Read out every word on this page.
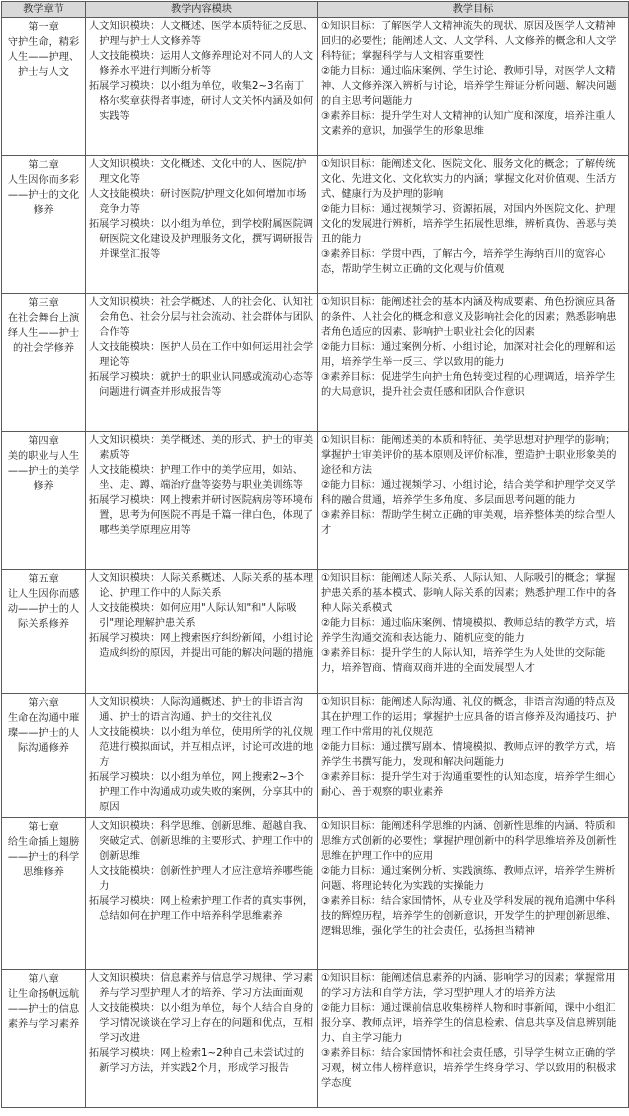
教学章节	教学内容模块	教学目标

第一章
守护生命，精彩人生——护理、护士与人文	人文知识模块：人文概述、医学本质特征之反思、护理与护士人文修养等
人文技能模块：运用人文修养理论对不同人的人文修养水平进行判断分析等
拓展学习模块：以小组为单位，收集2~3名南丁格尔奖章获得者事迹，研讨人文关怀内涵及如何实践等	①知识目标：了解医学人文精神流失的现状、原因及医学人文精神回归的必要性；能阐述人文、人文学科、人文修养的概念和人文学科特征；掌握科学与人文相容重要性
②能力目标：通过临床案例、学生讨论、教师引导，对医学人文精神、人文修养深入辨析与讨论，培养学生辩证分析问题、解决问题的自主思考问题能力
③素养目标：提升学生对人文精神的认知广度和深度，培养注重人文素养的意识，加强学生的形象思维

第二章
人生因你而多彩——护士的文化修养	人文知识模块：文化概述、文化中的人、医院/护理文化等
人文技能模块：研讨医院/护理文化如何增加市场竞争力等
拓展学习模块：以小组为单位，到学校附属医院调研医院文化建设及护理服务文化，撰写调研报告并课堂汇报等	①知识目标：能阐述文化、医院文化、服务文化的概念；了解传统文化、先进文化、文化软实力的内涵；掌握文化对价值观、生活方式、健康行为及护理的影响
②能力目标：通过视频学习、资源拓展，对国内外医院文化、护理文化的发展进行辨析，培养学生拓展性思维，辨析真伪、善恶与美丑的能力
③素养目标：学贯中西，了解古今，培养学生海纳百川的宽容心态，帮助学生树立正确的文化观与价值观

第三章
在社会舞台上演绎人生——护士的社会学修养	人文知识模块：社会学概述、人的社会化、认知社会角色、社会分层与社会流动、社会群体与团队合作等
人文技能模块：医护人员在工作中如何运用社会学理论等
拓展学习模块：就护士的职业认同感或流动心态等问题进行调查并形成报告等	①知识目标：能阐述社会的基本内涵及构成要素、角色扮演应具备的条件、人社会化的概念和意义及影响社会化的因素；熟悉影响患者角色适应的因素、影响护士职业社会化的因素
②能力目标：通过案例分析、小组讨论，加深对社会化的理解和运用，培养学生举一反三、学以致用的能力
③素养目标：促进学生向护士角色转变过程的心理调适，培养学生的大局意识，提升社会责任感和团队合作意识

第四章
美的职业与人生——护士的美学修养	人文知识模块：美学概述、美的形式、护士的审美素质等
人文技能模块：护理工作中的美学应用，如站、坐、走、蹲、端治疗盘等姿势与职业美训练等
拓展学习模块：网上搜索并研讨医院病房等环境布置，思考为何医院不再是千篇一律白色，体现了哪些美学原理应用等	①知识目标：能阐述美的本质和特征、美学思想对护理学的影响；掌握护士审美评价的基本原则及评价标准，塑造护士职业形象美的途径和方法
②能力目标：通过视频学习、小组讨论，结合美学和护理学交叉学科的融合贯通，培养学生多角度、多层面思考问题的能力
③素养目标：帮助学生树立正确的审美观，培养整体美的综合型人才

第五章
让人生因你而感动——护士的人际关系修养	人文知识模块：人际关系概述、人际关系的基本理论、护理工作中的人际关系
人文技能模块：如何应用"人际认知"和"人际吸引"理论理解护患关系
拓展学习模块：网上搜索医疗纠纷新闻，小组讨论造成纠纷的原因，并提出可能的解决问题的措施	①知识目标：能阐述人际关系、人际认知、人际吸引的概念；掌握护患关系的基本模式、影响人际关系的因素；熟悉护理工作中的各种人际关系模式
②能力目标：通过临床案例、情境模拟、教师总结的教学方式，培养学生沟通交流和表达能力、随机应变的能力
③素养目标：提升学生的人际认知，培养学生为人处世的交际能力，培养智商、情商双商并进的全面发展型人才

第六章
生命在沟通中璀璨——护士的人际沟通修养	人文知识模块：人际沟通概述、护士的非语言沟通、护士的语言沟通、护士的交往礼仪
人文技能模块：以小组为单位，使用所学的礼仪规范进行模拟面试，并互相点评，讨论可改进的地方
拓展学习模块：以小组为单位，网上搜索2~3个护理工作中沟通成功或失败的案例，分享其中的原因	①知识目标：能阐述人际沟通、礼仪的概念，非语言沟通的特点及其在护理工作的运用；掌握护士应具备的语言修养及沟通技巧、护理工作中常用的礼仪规范
②能力目标：通过撰写剧本、情境模拟、教师点评的教学方式，培养学生书撰写能力，发现和解决问题能力
③素养目标：提升学生对于沟通重要性的认知态度，培养学生细心耐心、善于观察的职业素养

第七章
给生命插上翅膀——护士的科学思维修养	人文知识模块：科学思维、创新思维、超越自我、突破定式、创新思维的主要形式、护理工作中的创新思维
人文技能模块：创新性护理人才应注意培养哪些能力
拓展学习模块：网上检索护理工作者的真实事例，总结如何在护理工作中培养科学思维素养	①知识目标：能阐述科学思维的内涵、创新性思维的内涵、特质和思维方式创新的必要性；掌握护理创新中的科学思维培养及创新性思维在护理工作中的应用
②能力目标：通过案例分析、实践演练、教师点评，培养学生辨析问题、将理论转化为实践的实操能力
③素养目标：结合家国情怀，从专业及学科发展的视角追溯中华科技的辉煌历程，培养学生的创新意识，开发学生的护理创新思维、逻辑思维，强化学生的社会责任，弘扬担当精神

第八章
让生命扬帆远航——护士的信息素养与学习素养	人文知识模块：信息素养与信息学习规律、学习素养与学习型护理人才的培养、学习方法面面观
人文技能模块：以小组为单位，每个人结合自身的学习情况谈谈在学习上存在的问题和优点，互相学习改进
拓展学习模块：网上检索1~2种自己未尝试过的新学习方法，并实践2个月，形成学习报告	①知识目标：能阐述信息素养的内涵、影响学习的因素；掌握常用的学习方法和自学方法，学习型护理人才的培养方法
②能力目标：通过课前信息收集榜样人物和时事新闻，课中小组汇报分享、教师点评，培养学生的信息检索、信息共享及信息辨别能力、自主学习能力
③素养目标：结合家国情怀和社会责任感，引导学生树立正确的学习观，树立伟人榜样意识，培养学生终身学习、学以致用的积极求学态度
